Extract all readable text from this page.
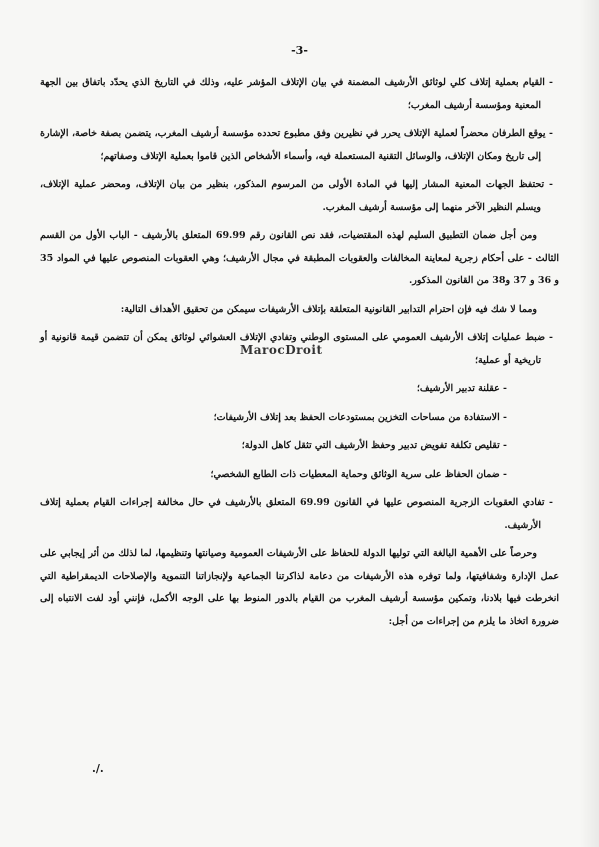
-3-

- القيام بعملية إتلاف كلي لوثائق الأرشيف المضمنة في بيان الإتلاف المؤشر عليه، وذلك في التاريخ الذي يحدّد باتفاق بين الجهة المعنية ومؤسسة أرشيف المغرب؛

- يوقع الطرفان محضراً لعملية الإتلاف يحرر في نظيرين وفق مطبوع تحدده مؤسسة أرشيف المغرب، يتضمن بصفة خاصة، الإشارة إلى تاريخ ومكان الإتلاف، والوسائل التقنية المستعملة فيه، وأسماء الأشخاص الذين قاموا بعملية الإتلاف وصفاتهم؛

- تحتفظ الجهات المعنية المشار إليها في المادة الأولى من المرسوم المذكور، بنظير من بيان الإتلاف، ومحضر عملية الإتلاف، ويسلم النظير الآخر منهما إلى مؤسسة أرشيف المغرب.

ومن أجل ضمان التطبيق السليم لهذه المقتضيات، فقد نص القانون رقم 69.99 المتعلق بالأرشيف - الباب الأول من القسم الثالث - على أحكام زجرية لمعاينة المخالفات والعقوبات المطبقة في مجال الأرشيف؛ وهي العقوبات المنصوص عليها في المواد 35 و 36 و 37 و38 من القانون المذكور.

ومما لا شك فيه فإن احترام التدابير القانونية المتعلقة بإتلاف الأرشيفات سيمكن من تحقيق الأهداف التالية:

- ضبط عمليات إتلاف الأرشيف العمومي على المستوى الوطني وتفادي الإتلاف العشوائي لوثائق يمكن أن تتضمن قيمة قانونية أو تاريخية أو عملية؛

- عقلنة تدبير الأرشيف؛

- الاستفادة من مساحات التخزين بمستودعات الحفظ بعد إتلاف الأرشيفات؛

- تقليص تكلفة تفويض تدبير وحفظ الأرشيف التي تثقل كاهل الدولة؛

- ضمان الحفاظ على سرية الوثائق وحماية المعطيات ذات الطابع الشخصي؛

- تفادي العقوبات الزجرية المنصوص عليها في القانون 69.99 المتعلق بالأرشيف في حال مخالفة إجراءات القيام بعملية إتلاف الأرشيف.

وحرصاً على الأهمية البالغة التي توليها الدولة للحفاظ على الأرشيفات العمومية وصيانتها وتنظيمها، لما لذلك من أثر إيجابي على عمل الإدارة وشفافيتها، ولما توفره هذه الأرشيفات من دعامة لذاكرتنا الجماعية ولإنجازاتنا التنموية والإصلاحات الديمقراطية التي انخرطت فيها بلادنا، وتمكين مؤسسة أرشيف المغرب من القيام بالدور المنوط بها على الوجه الأكمل، فإنني أود لفت الانتباه إلى ضرورة اتخاذ ما يلزم من إجراءات من أجل:

MarocDroit
./.
